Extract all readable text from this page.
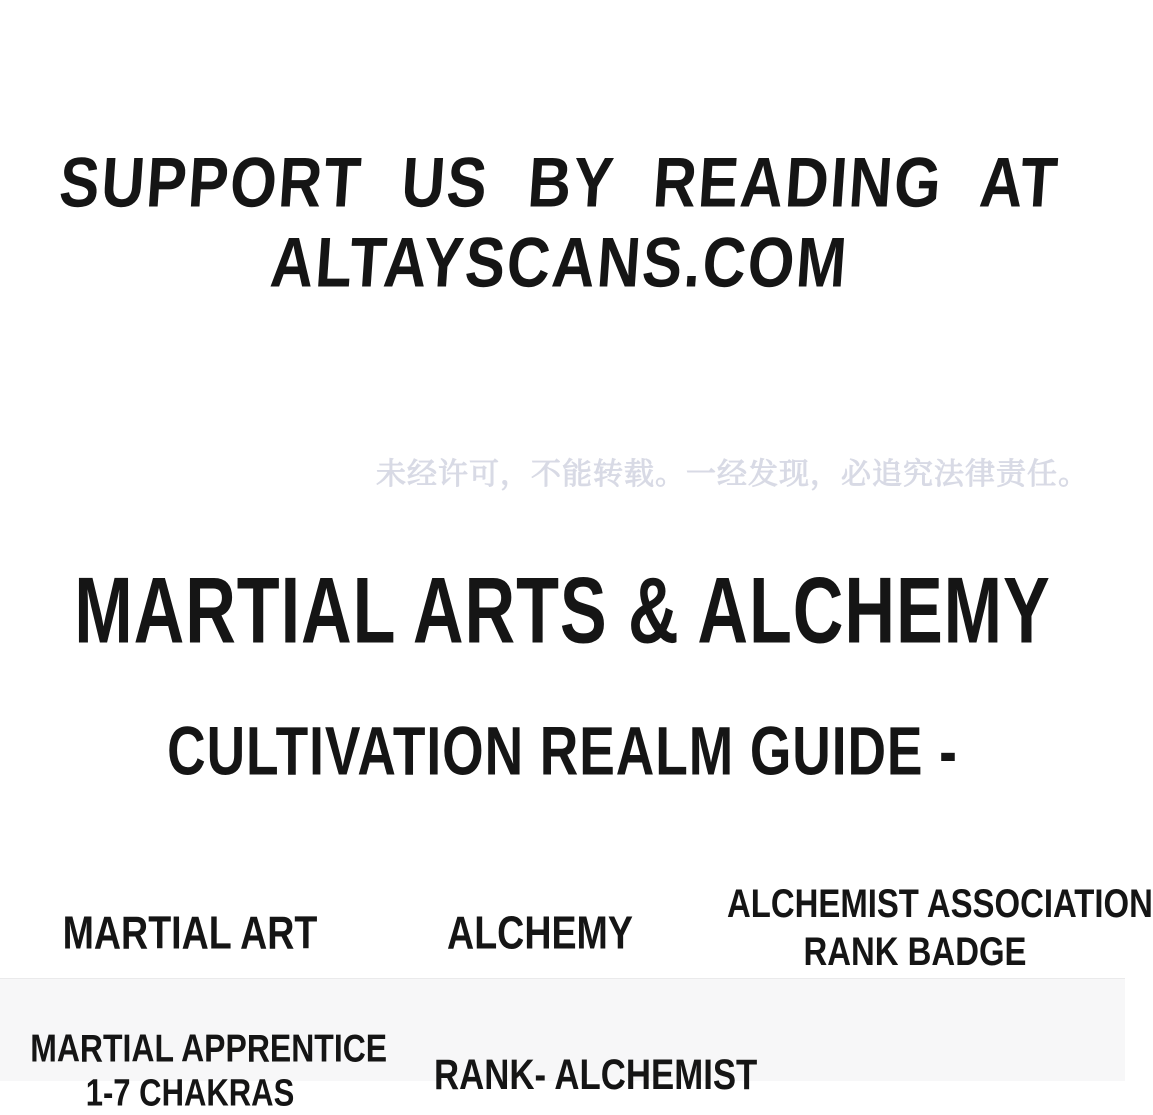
SUPPORT US BY READING AT
ALTAYSCANS.COM
未经许可，不能转载。一经发现，必追究法律责任。
MARTIAL ARTS & ALCHEMY
CULTIVATION REALM GUIDE -
MARTIAL ART	ALCHEMY
ALCHEMIST ASSOCIATION
RANK BADGE
MARTIAL APPRENTICE
1-7 CHAKRAS	RANK- ALCHEMIST
